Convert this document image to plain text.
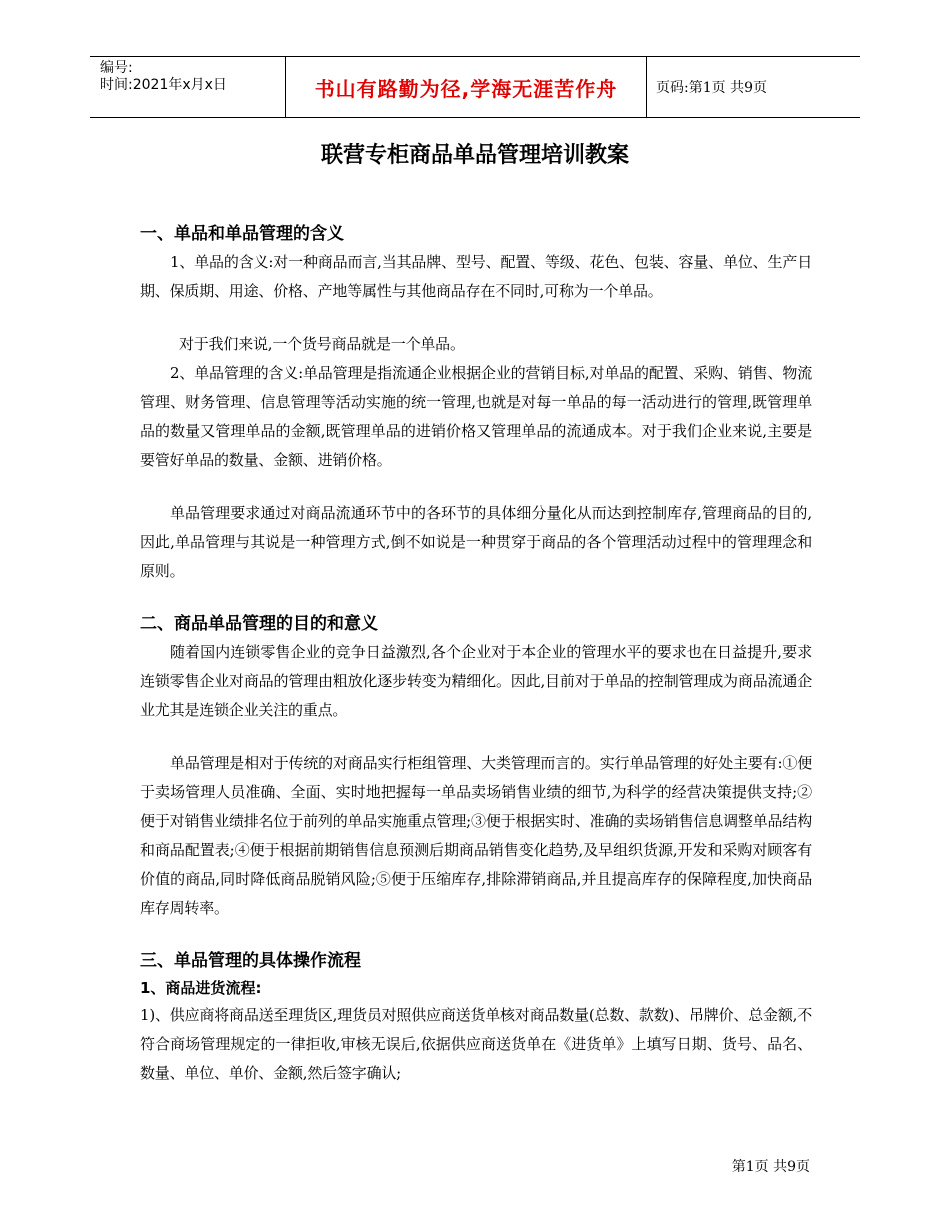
编号:
时间:2021年x月x日	书山有路勤为径,学海无涯苦作舟	页码:第1页 共9页
联营专柜商品单品管理培训教案
一、单品和单品管理的含义

1、单品的含义:对一种商品而言,当其品牌、型号、配置、等级、花色、包装、容量、单位、生产日期、保质期、用途、价格、产地等属性与其他商品存在不同时,可称为一个单品。

对于我们来说,一个货号商品就是一个单品。

2、单品管理的含义:单品管理是指流通企业根据企业的营销目标,对单品的配置、采购、销售、物流管理、财务管理、信息管理等活动实施的统一管理,也就是对每一单品的每一活动进行的管理,既管理单品的数量又管理单品的金额,既管理单品的进销价格又管理单品的流通成本。对于我们企业来说,主要是要管好单品的数量、金额、进销价格。

单品管理要求通过对商品流通环节中的各环节的具体细分量化从而达到控制库存,管理商品的目的,因此,单品管理与其说是一种管理方式,倒不如说是一种贯穿于商品的各个管理活动过程中的管理理念和原则。

二、商品单品管理的目的和意义

随着国内连锁零售企业的竞争日益激烈,各个企业对于本企业的管理水平的要求也在日益提升,要求连锁零售企业对商品的管理由粗放化逐步转变为精细化。因此,目前对于单品的控制管理成为商品流通企业尤其是连锁企业关注的重点。

单品管理是相对于传统的对商品实行柜组管理、大类管理而言的。实行单品管理的好处主要有:①便于卖场管理人员准确、全面、实时地把握每一单品卖场销售业绩的细节,为科学的经营决策提供支持;②便于对销售业绩排名位于前列的单品实施重点管理;③便于根据实时、准确的卖场销售信息调整单品结构和商品配置表;④便于根据前期销售信息预测后期商品销售变化趋势,及早组织货源,开发和采购对顾客有价值的商品,同时降低商品脱销风险;⑤便于压缩库存,排除滞销商品,并且提高库存的保障程度,加快商品库存周转率。

三、单品管理的具体操作流程
1、商品进货流程:

1)、供应商将商品送至理货区,理货员对照供应商送货单核对商品数量(总数、款数)、吊牌价、总金额,不符合商场管理规定的一律拒收,审核无误后,依据供应商送货单在《进货单》上填写日期、货号、品名、数量、单位、单价、金额,然后签字确认;

第1页 共9页
